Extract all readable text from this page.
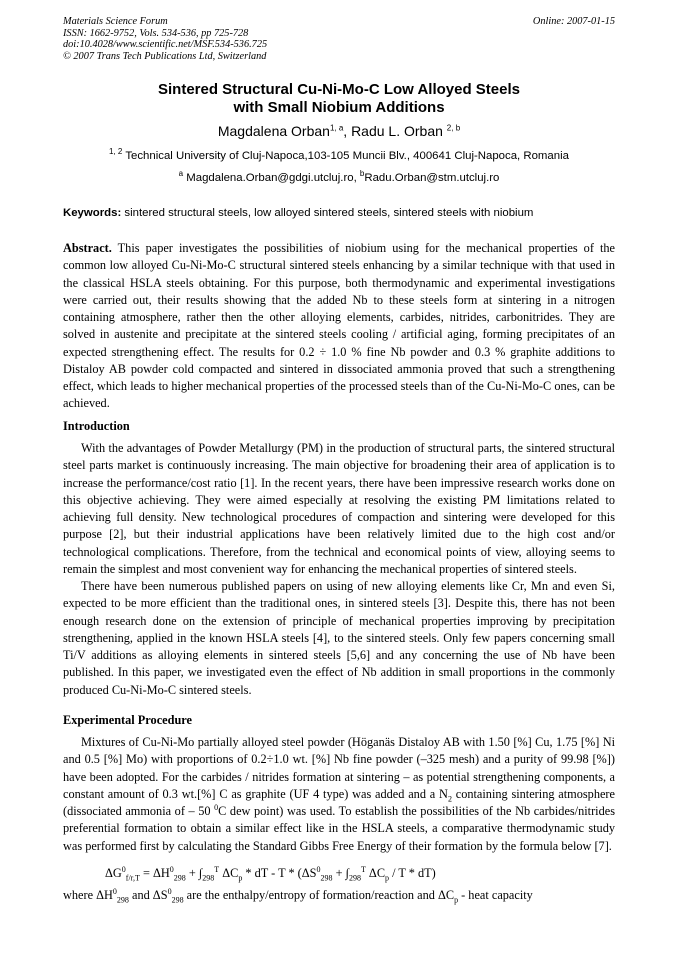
Materials Science Forum
ISSN: 1662-9752, Vols. 534-536, pp 725-728
doi:10.4028/www.scientific.net/MSF.534-536.725
© 2007 Trans Tech Publications Ltd, Switzerland
Online: 2007-01-15
Sintered Structural Cu-Ni-Mo-C Low Alloyed Steels
with Small Niobium Additions
Magdalena Orban$^{1, a}$, Radu L. Orban $^{2, b}$
$^{1, 2}$ Technical University of Cluj-Napoca,103-105 Muncii Blv., 400641 Cluj-Napoca, Romania
$^a$ Magdalena.Orban@gdgi.utcluj.ro, $^b$Radu.Orban@stm.utcluj.ro
Keywords: sintered structural steels, low alloyed sintered steels, sintered steels with niobium

Abstract. This paper investigates the possibilities of niobium using for the mechanical properties of the common low alloyed Cu-Ni-Mo-C structural sintered steels enhancing by a similar technique with that used in the classical HSLA steels obtaining. For this purpose, both thermodynamic and experimental investigations were carried out, their results showing that the added Nb to these steels form at sintering in a nitrogen containing atmosphere, rather then the other alloying elements, carbides, nitrides, carbonitrides. They are solved in austenite and precipitate at the sintered steels cooling / artificial aging, forming precipitates of an expected strengthening effect. The results for 0.2 ÷ 1.0 % fine Nb powder and 0.3 % graphite additions to Distaloy AB powder cold compacted and sintered in dissociated ammonia proved that such a strengthening effect, which leads to higher mechanical properties of the processed steels than of the Cu-Ni-Mo-C ones, can be achieved.

Introduction

With the advantages of Powder Metallurgy (PM) in the production of structural parts, the sintered structural steel parts market is continuously increasing. The main objective for broadening their area of application is to increase the performance/cost ratio [1]. In the recent years, there have been impressive research works done on this objective achieving. They were aimed especially at resolving the existing PM limitations related to achieving full density. New technological procedures of compaction and sintering were developed for this purpose [2], but their industrial applications have been relatively limited due to the high cost and/or technological complications. Therefore, from the technical and economical points of view, alloying seems to remain the simplest and most convenient way for enhancing the mechanical properties of sintered steels.

There have been numerous published papers on using of new alloying elements like Cr, Mn and even Si, expected to be more efficient than the traditional ones, in sintered steels [3]. Despite this, there has not been enough research done on the extension of principle of mechanical properties improving by precipitation strengthening, applied in the known HSLA steels [4], to the sintered steels. Only few papers concerning small Ti/V additions as alloying elements in sintered steels [5,6] and any concerning the use of Nb have been published. In this paper, we investigated even the effect of Nb addition in small proportions in the commonly produced Cu-Ni-Mo-C sintered steels.

Experimental Procedure

Mixtures of Cu-Ni-Mo partially alloyed steel powder (Höganäs Distaloy AB with 1.50 [%] Cu, 1.75 [%] Ni and 0.5 [%] Mo) with proportions of 0.2÷1.0 wt. [%] Nb fine powder (–325 mesh) and a purity of 99.98 [%]) have been adopted. For the carbides / nitrides formation at sintering – as potential strengthening components, a constant amount of 0.3 wt.[%] C as graphite (UF 4 type) was added and a $N_2$ containing sintering atmosphere (dissociated ammonia of – 50 $^0$C dew point) was used. To establish the possibilities of the Nb carbides/nitrides preferential formation to obtain a similar effect like in the HSLA steels, a comparative thermodynamic study was performed first by calculating the Standard Gibbs Free Energy of their formation by the formula below [7].

$\Delta G^0_{f/r,T} = \Delta H^0_{298} + \int_{298}^T$ $\Delta C_p$ * dT - $T * (\Delta S^0_{298} + \int_{298}^T$ $\Delta C_p$ / T * dT)
where $\Delta H^0_{298}$ and $\Delta S^0_{298}$ are the enthalpy/entropy of formation/reaction and $\Delta C_p$ - heat capacity
